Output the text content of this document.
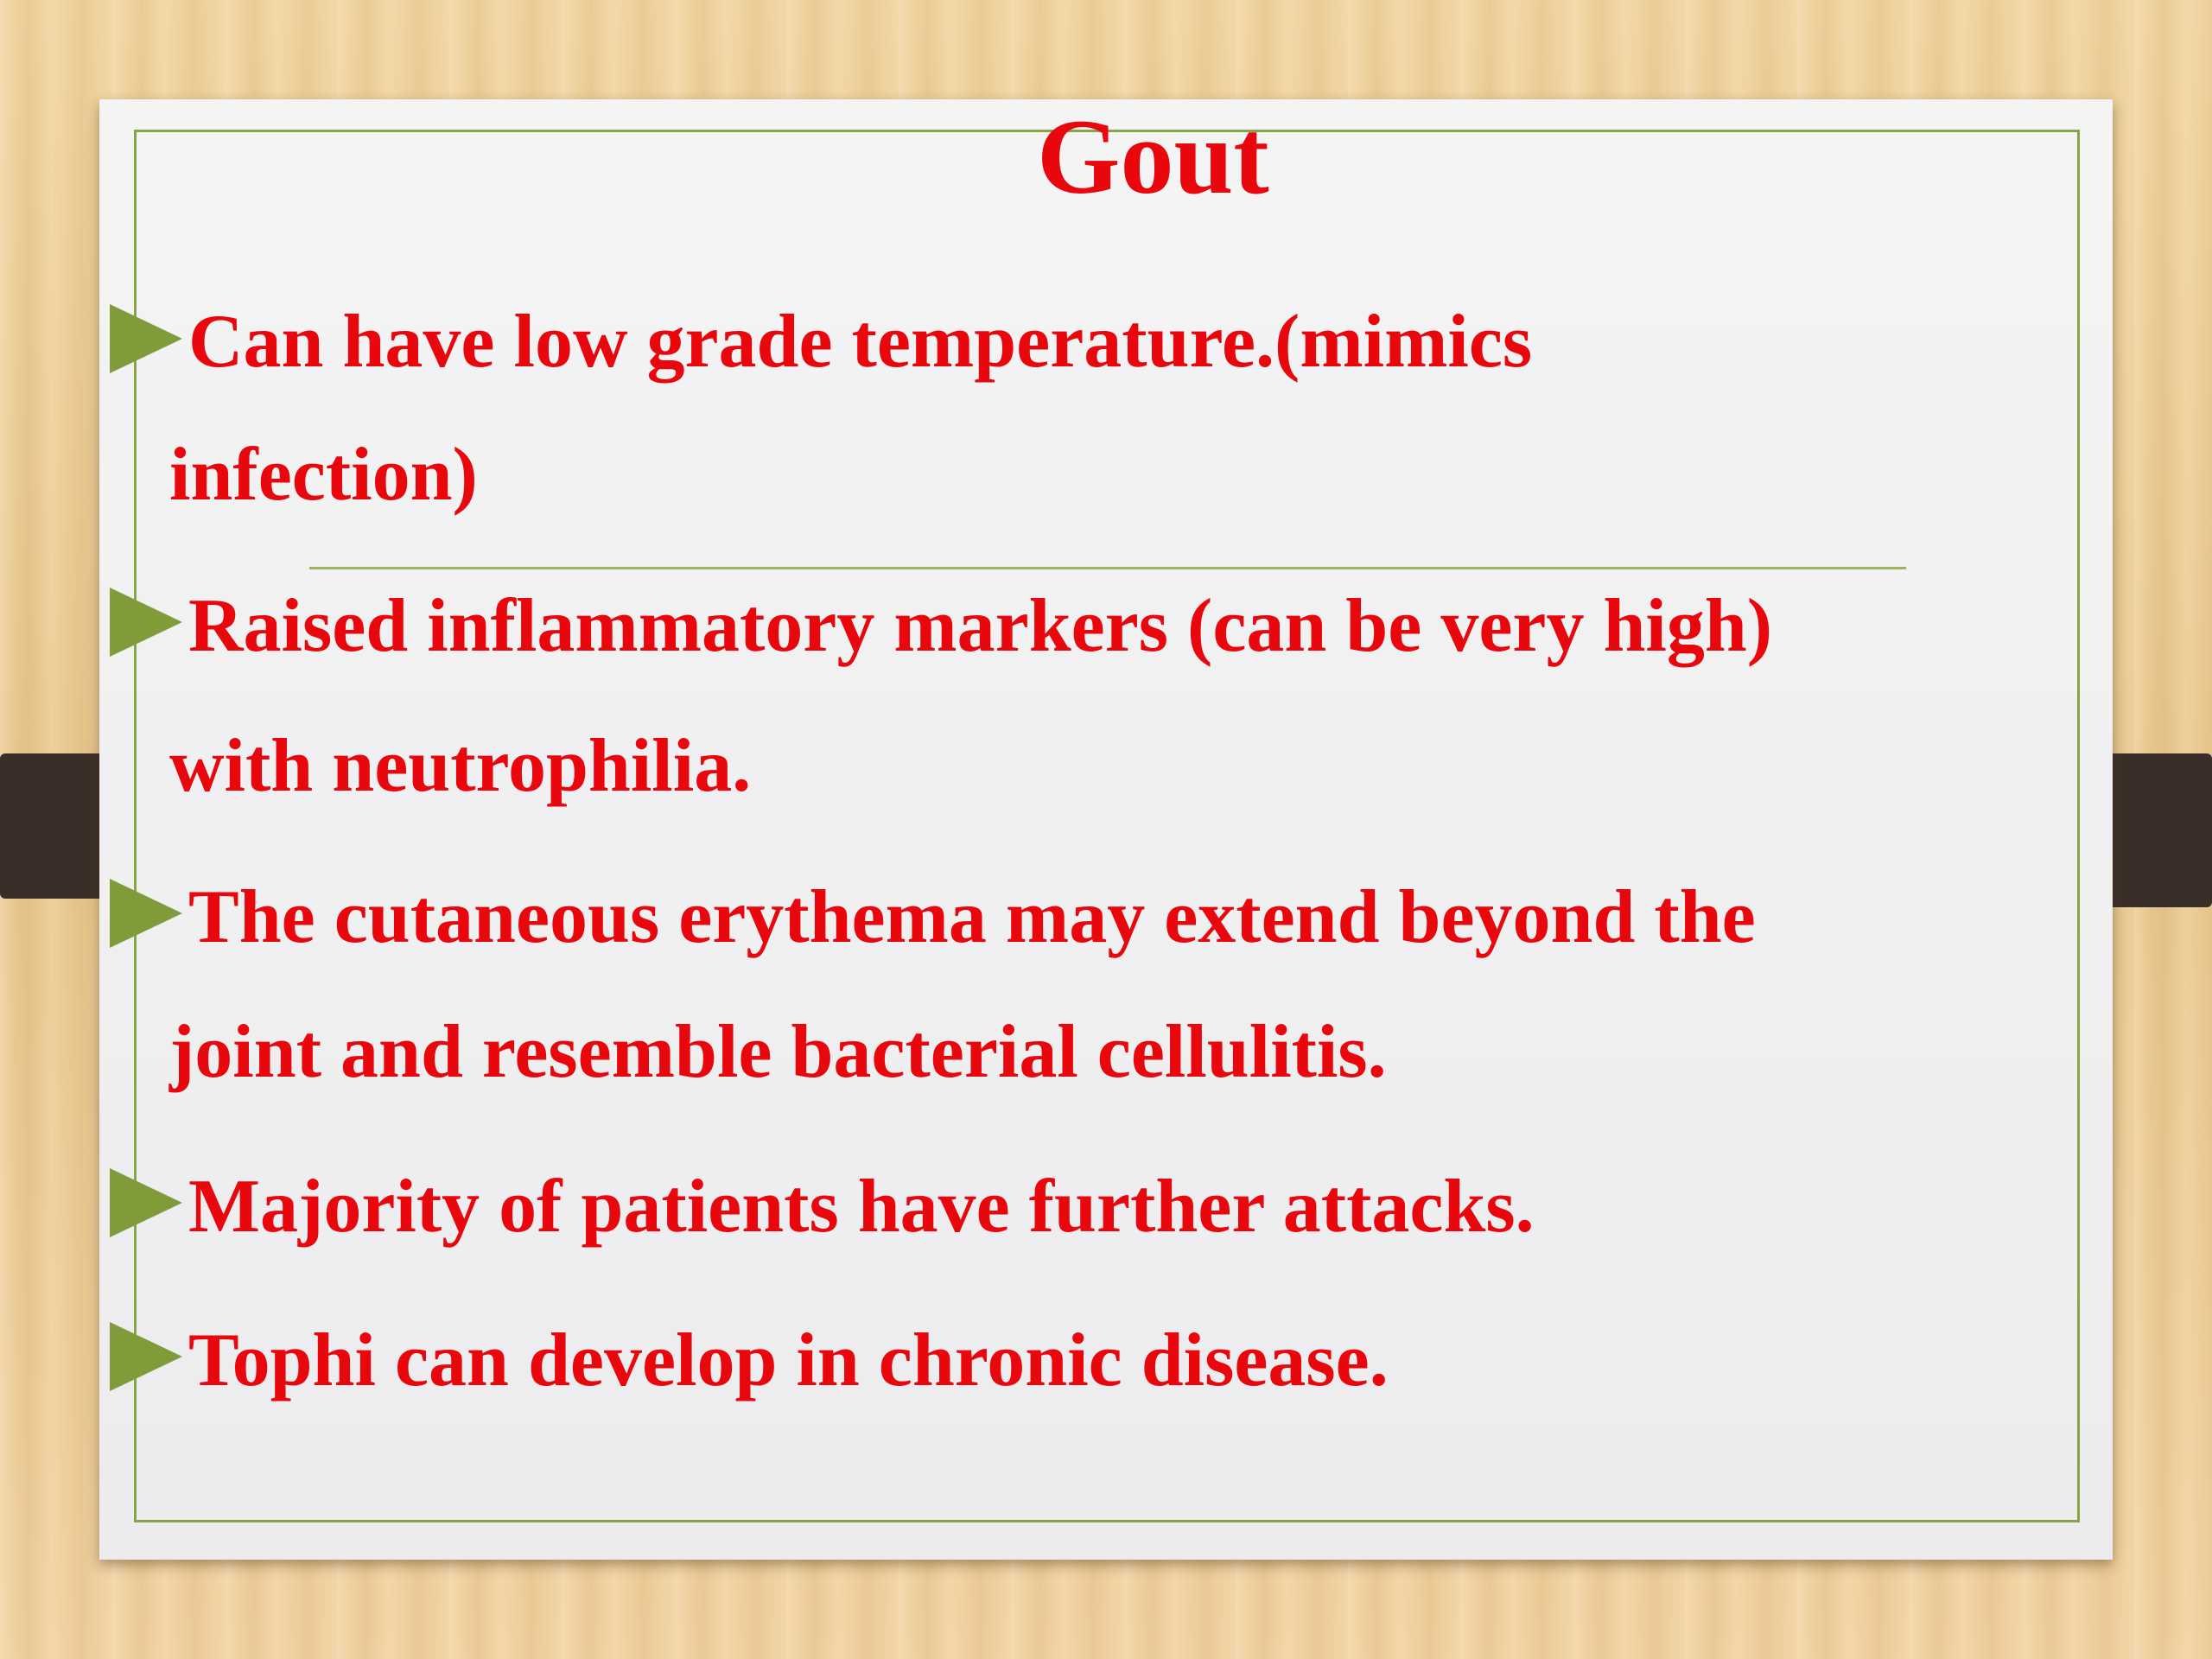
Gout

Can have low grade temperature.(mimics

infection)

Raised inflammatory markers (can be very high)

with neutrophilia.

The cutaneous erythema may extend beyond the

joint and resemble bacterial cellulitis.

Majority of patients have further attacks.

Tophi can develop in chronic disease.
